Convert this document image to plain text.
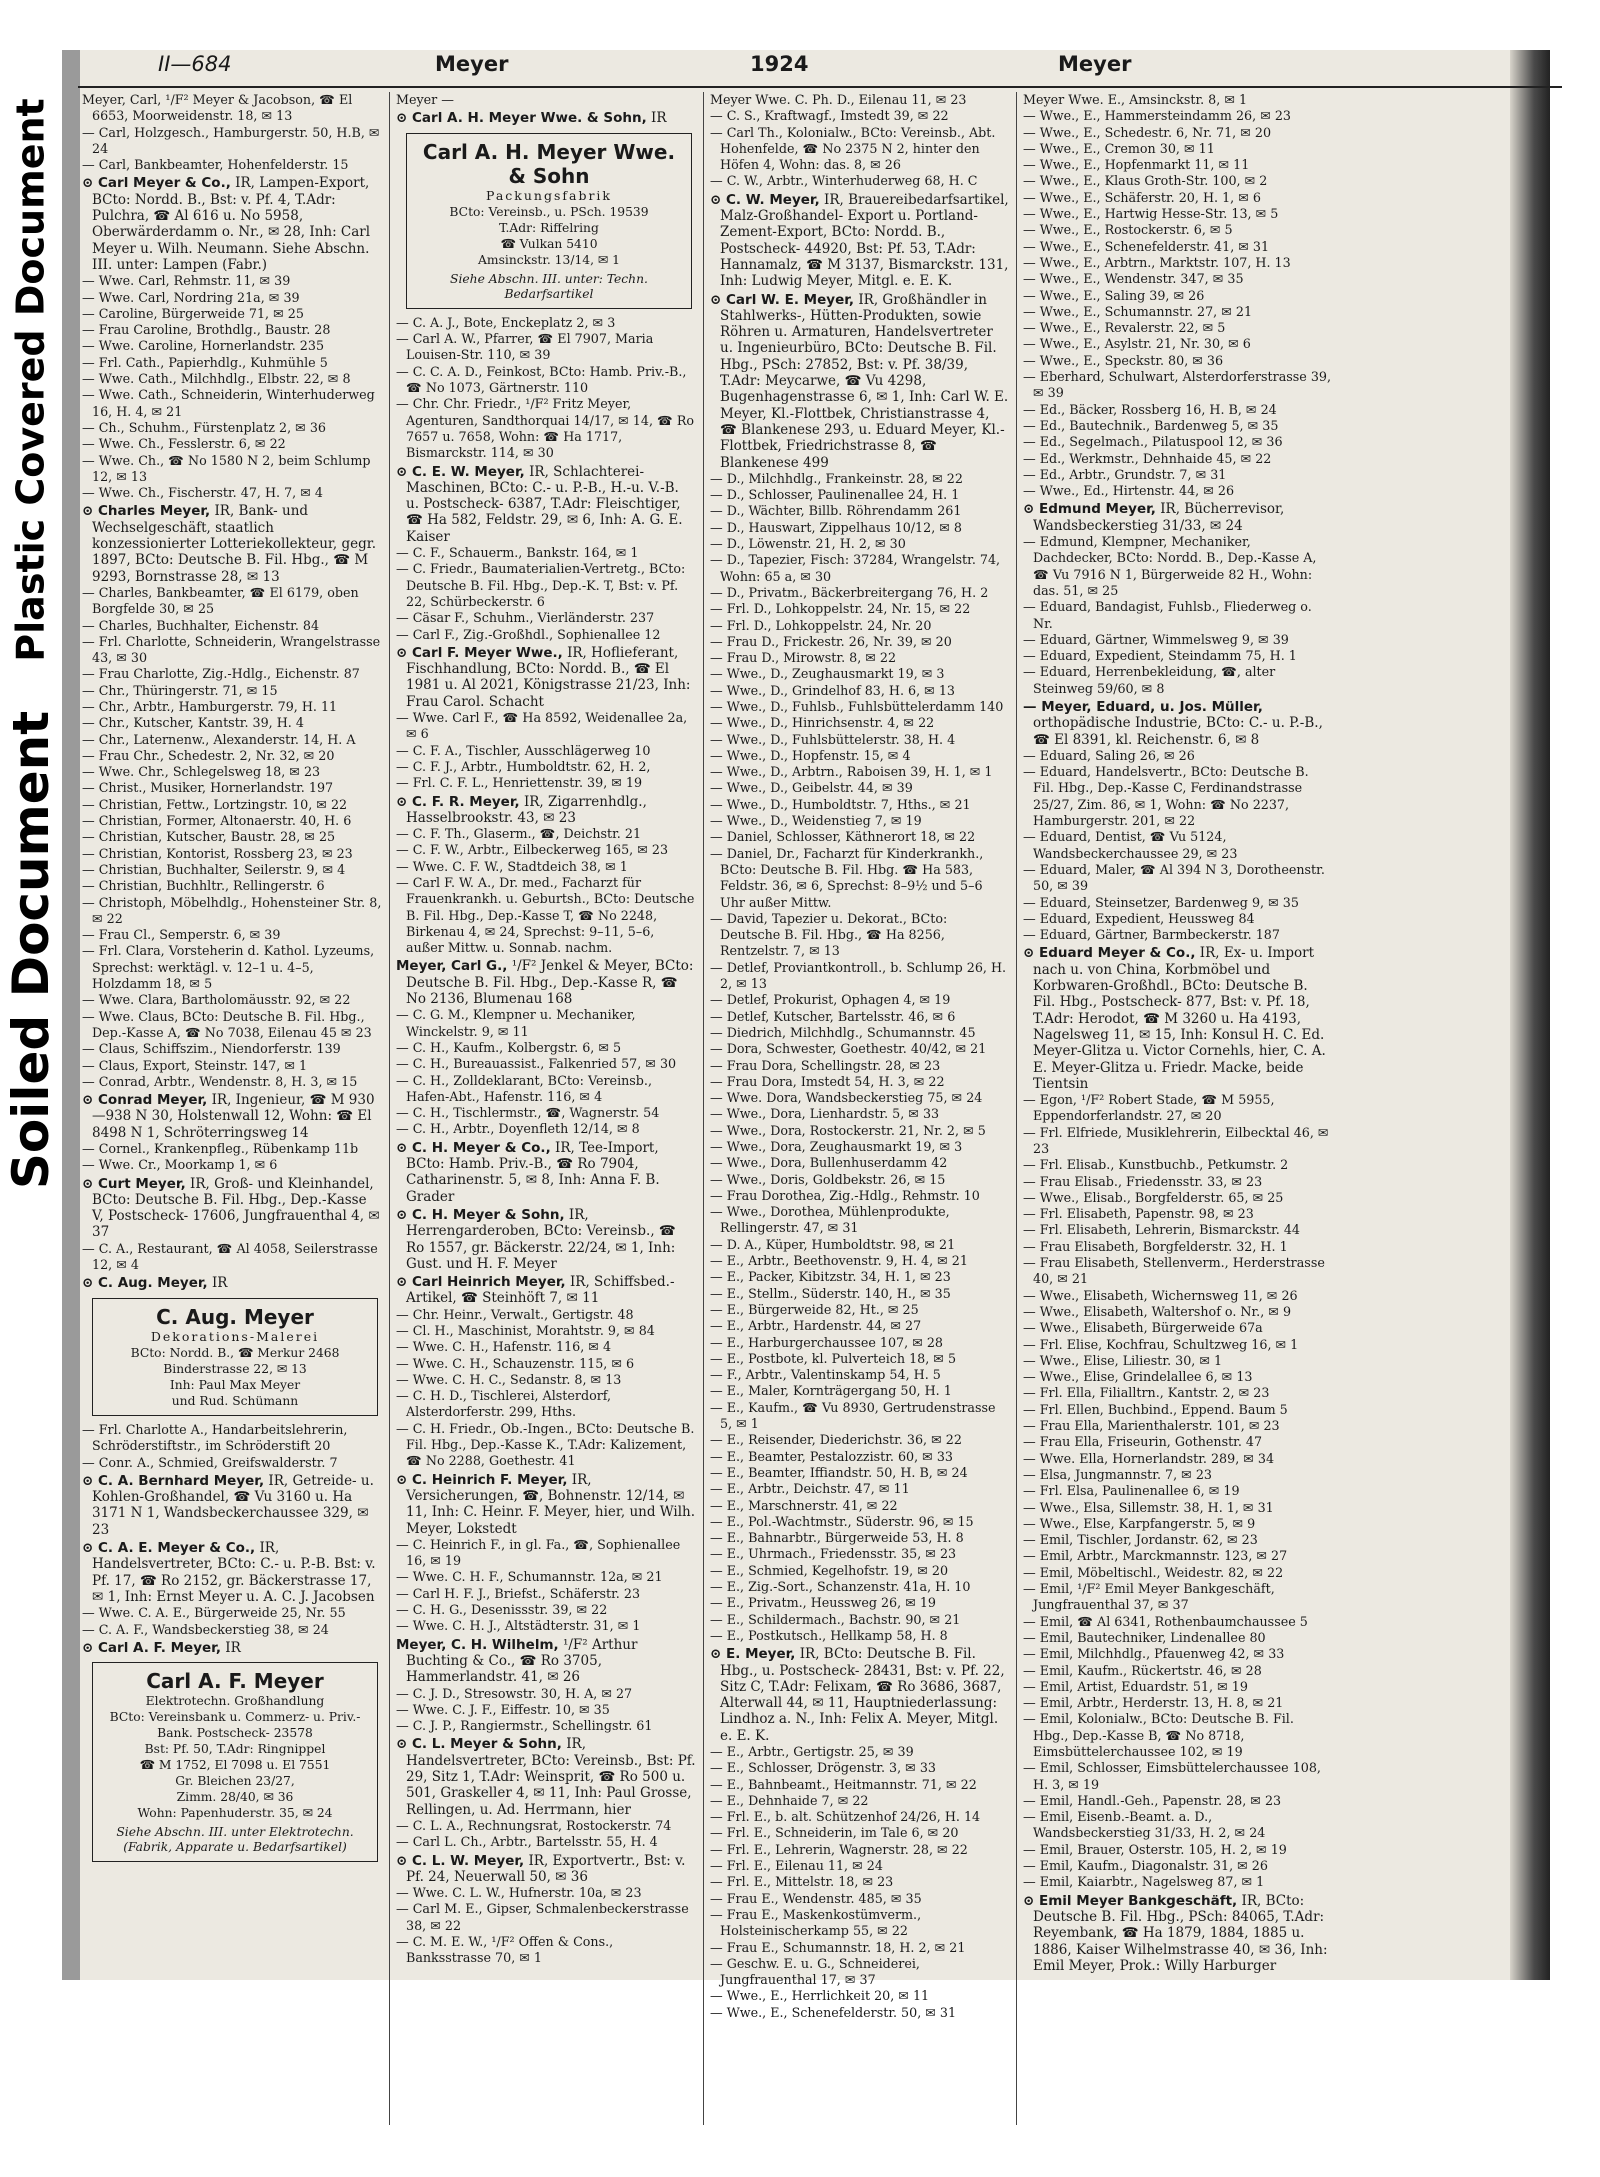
Plastic Covered Document
Soiled Document
II—684	Meyer	1924	Meyer

Meyer, Carl, ¹/F² Meyer & Jacobson, ☎ El 6653, Moorweidenstr. 18, ✉ 13

— Carl, Holzgesch., Hamburgerstr. 50, H.B, ✉ 24

— Carl, Bankbeamter, Hohenfelderstr. 15

⊙ Carl Meyer & Co., IR, Lampen-Export, BCto: Nordd. B., Bst: v. Pf. 4, T.Adr: Pulchra, ☎ Al 616 u. No 5958, Oberwärderdamm o. Nr., ✉ 28, Inh: Carl Meyer u. Wilh. Neumann. Siehe Abschn. III. unter: Lampen (Fabr.)

— Wwe. Carl, Rehmstr. 11, ✉ 39

— Wwe. Carl, Nordring 21a, ✉ 39

— Caroline, Bürgerweide 71, ✉ 25

— Frau Caroline, Brothdlg., Baustr. 28

— Wwe. Caroline, Hornerlandstr. 235

— Frl. Cath., Papierhdlg., Kuhmühle 5

— Wwe. Cath., Milchhdlg., Elbstr. 22, ✉ 8

— Wwe. Cath., Schneiderin, Winterhuderweg 16, H. 4, ✉ 21

— Ch., Schuhm., Fürstenplatz 2, ✉ 36

— Wwe. Ch., Fesslerstr. 6, ✉ 22

— Wwe. Ch., ☎ No 1580 N 2, beim Schlump 12, ✉ 13

— Wwe. Ch., Fischerstr. 47, H. 7, ✉ 4

⊙ Charles Meyer, IR, Bank- und Wechselgeschäft, staatlich konzessionierter Lotteriekollekteur, gegr. 1897, BCto: Deutsche B. Fil. Hbg., ☎ M 9293, Bornstrasse 28, ✉ 13

— Charles, Bankbeamter, ☎ El 6179, oben Borgfelde 30, ✉ 25

— Charles, Buchhalter, Eichenstr. 84

— Frl. Charlotte, Schneiderin, Wrangelstrasse 43, ✉ 30

— Frau Charlotte, Zig.-Hdlg., Eichenstr. 87

— Chr., Thüringerstr. 71, ✉ 15

— Chr., Arbtr., Hamburgerstr. 79, H. 11

— Chr., Kutscher, Kantstr. 39, H. 4

— Chr., Laternenw., Alexanderstr. 14, H. A

— Frau Chr., Schedestr. 2, Nr. 32, ✉ 20

— Wwe. Chr., Schlegelsweg 18, ✉ 23

— Christ., Musiker, Hornerlandstr. 197

— Christian, Fettw., Lortzingstr. 10, ✉ 22

— Christian, Former, Altonaerstr. 40, H. 6

— Christian, Kutscher, Baustr. 28, ✉ 25

— Christian, Kontorist, Rossberg 23, ✉ 23

— Christian, Buchhalter, Seilerstr. 9, ✉ 4

— Christian, Buchhltr., Rellingerstr. 6

— Christoph, Möbelhdlg., Hohensteiner Str. 8, ✉ 22

— Frau Cl., Semperstr. 6, ✉ 39

— Frl. Clara, Vorsteherin d. Kathol. Lyzeums, Sprechst: werktägl. v. 12–1 u. 4–5, Holzdamm 18, ✉ 5

— Wwe. Clara, Bartholomäusstr. 92, ✉ 22

— Wwe. Claus, BCto: Deutsche B. Fil. Hbg., Dep.-Kasse A, ☎ No 7038, Eilenau 45 ✉ 23

— Claus, Schiffszim., Niendorferstr. 139

— Claus, Export, Steinstr. 147, ✉ 1

— Conrad, Arbtr., Wendenstr. 8, H. 3, ✉ 15

⊙ Conrad Meyer, IR, Ingenieur, ☎ M 930—938 N 30, Holstenwall 12, Wohn: ☎ El 8498 N 1, Schröterringsweg 14

— Cornel., Krankenpfleg., Rübenkamp 11b

— Wwe. Cr., Moorkamp 1, ✉ 6

⊙ Curt Meyer, IR, Groß- und Kleinhandel, BCto: Deutsche B. Fil. Hbg., Dep.-Kasse V, Postscheck- 17606, Jungfrauenthal 4, ✉ 37

— C. A., Restaurant, ☎ Al 4058, Seilerstrasse 12, ✉ 4

⊙ C. Aug. Meyer, IR

C. Aug. Meyer
Dekorations-Malerei
BCto: Nordd. B., ☎ Merkur 2468
Binderstrasse 22, ✉ 13
Inh: Paul Max Meyer
und Rud. Schümann

— Frl. Charlotte A., Handarbeitslehrerin, Schröderstiftstr., im Schröderstift 20

— Conr. A., Schmied, Greifswalderstr. 7

⊙ C. A. Bernhard Meyer, IR, Getreide- u. Kohlen-Großhandel, ☎ Vu 3160 u. Ha 3171 N 1, Wandsbeckerchaussee 329, ✉ 23

⊙ C. A. E. Meyer & Co., IR, Handelsvertreter, BCto: C.- u. P.-B. Bst: v. Pf. 17, ☎ Ro 2152, gr. Bäckerstrasse 17, ✉ 1, Inh: Ernst Meyer u. A. C. J. Jacobsen

— Wwe. C. A. E., Bürgerweide 25, Nr. 55

— C. A. F., Wandsbeckerstieg 38, ✉ 24

⊙ Carl A. F. Meyer, IR

Carl A. F. Meyer
Elektrotechn. Großhandlung
BCto: Vereinsbank u. Commerz- u. Priv.-Bank. Postscheck- 23578
Bst: Pf. 50, T.Adr: Ringnippel
☎ M 1752, El 7098 u. El 7551
Gr. Bleichen 23/27,
Zimm. 28/40, ✉ 36
Wohn: Papenhuderstr. 35, ✉ 24
Siehe Abschn. III. unter Elektrotechn. (Fabrik, Apparate u. Bedarfsartikel)

Meyer —

⊙ Carl A. H. Meyer Wwe. & Sohn, IR

Carl A. H. Meyer Wwe. & Sohn
Packungsfabrik
BCto: Vereinsb., u. PSch. 19539
T.Adr: Riffelring
☎ Vulkan 5410
Amsinckstr. 13/14, ✉ 1
Siehe Abschn. III. unter: Techn. Bedarfsartikel

— C. A. J., Bote, Enckeplatz 2, ✉ 3

— Carl A. W., Pfarrer, ☎ El 7907, Maria Louisen-Str. 110, ✉ 39

— C. C. A. D., Feinkost, BCto: Hamb. Priv.-B., ☎ No 1073, Gärtnerstr. 110

— Chr. Chr. Friedr., ¹/F² Fritz Meyer, Agenturen, Sandthorquai 14/17, ✉ 14, ☎ Ro 7657 u. 7658, Wohn: ☎ Ha 1717, Bismarckstr. 114, ✉ 30

⊙ C. E. W. Meyer, IR, Schlachterei-Maschinen, BCto: C.- u. P.-B., H.-u. V.-B. u. Postscheck- 6387, T.Adr: Fleischtiger, ☎ Ha 582, Feldstr. 29, ✉ 6, Inh: A. G. E. Kaiser

— C. F., Schauerm., Bankstr. 164, ✉ 1

— C. Friedr., Baumaterialien-Vertretg., BCto: Deutsche B. Fil. Hbg., Dep.-K. T, Bst: v. Pf. 22, Schürbeckerstr. 6

— Cäsar F., Schuhm., Vierländerstr. 237

— Carl F., Zig.-Großhdl., Sophienallee 12

⊙ Carl F. Meyer Wwe., IR, Hoflieferant, Fischhandlung, BCto: Nordd. B., ☎ El 1981 u. Al 2021, Königstrasse 21/23, Inh: Frau Carol. Schacht

— Wwe. Carl F., ☎ Ha 8592, Weidenallee 2a, ✉ 6

— C. F. A., Tischler, Ausschlägerweg 10

— C. F. J., Arbtr., Humboldtstr. 62, H. 2,

— Frl. C. F. L., Henriettenstr. 39, ✉ 19

⊙ C. F. R. Meyer, IR, Zigarrenhdlg., Hasselbrookstr. 43, ✉ 23

— C. F. Th., Glaserm., ☎, Deichstr. 21

— C. F. W., Arbtr., Eilbeckerweg 165, ✉ 23

— Wwe. C. F. W., Stadtdeich 38, ✉ 1

— Carl F. W. A., Dr. med., Facharzt für Frauenkrankh. u. Geburtsh., BCto: Deutsche B. Fil. Hbg., Dep.-Kasse T, ☎ No 2248, Birkenau 4, ✉ 24, Sprechst: 9–11, 5–6, außer Mittw. u. Sonnab. nachm.

Meyer, Carl G., ¹/F² Jenkel & Meyer, BCto: Deutsche B. Fil. Hbg., Dep.-Kasse R, ☎ No 2136, Blumenau 168

— C. G. M., Klempner u. Mechaniker, Winckelstr. 9, ✉ 11

— C. H., Kaufm., Kolbergstr. 6, ✉ 5

— C. H., Bureauassist., Falkenried 57, ✉ 30

— C. H., Zolldeklarant, BCto: Vereinsb., Hafen-Abt., Hafenstr. 116, ✉ 4

— C. H., Tischlermstr., ☎, Wagnerstr. 54

— C. H., Arbtr., Doyenfleth 12/14, ✉ 8

⊙ C. H. Meyer & Co., IR, Tee-Import, BCto: Hamb. Priv.-B., ☎ Ro 7904, Catharinenstr. 5, ✉ 8, Inh: Anna F. B. Grader

⊙ C. H. Meyer & Sohn, IR, Herrengarderoben, BCto: Vereinsb., ☎ Ro 1557, gr. Bäckerstr. 22/24, ✉ 1, Inh: Gust. und H. F. Meyer

⊙ Carl Heinrich Meyer, IR, Schiffsbed.-Artikel, ☎ Steinhöft 7, ✉ 11

— Chr. Heinr., Verwalt., Gertigstr. 48

— Cl. H., Maschinist, Morahtstr. 9, ✉ 84

— Wwe. C. H., Hafenstr. 116, ✉ 4

— Wwe. C. H., Schauzenstr. 115, ✉ 6

— Wwe. C. H. C., Sedanstr. 8, ✉ 13

— C. H. D., Tischlerei, Alsterdorf, Alsterdorferstr. 299, Hths.

— C. H. Friedr., Ob.-Ingen., BCto: Deutsche B. Fil. Hbg., Dep.-Kasse K., T.Adr: Kalizement, ☎ No 2288, Goethestr. 41

⊙ C. Heinrich F. Meyer, IR, Versicherungen, ☎, Bohnenstr. 12/14, ✉ 11, Inh: C. Heinr. F. Meyer, hier, und Wilh. Meyer, Lokstedt

— C. Heinrich F., in gl. Fa., ☎, Sophienallee 16, ✉ 19

— Wwe. C. H. F., Schumannstr. 12a, ✉ 21

— Carl H. F. J., Briefst., Schäferstr. 23

— C. H. G., Desenissstr. 39, ✉ 22

— Wwe. C. H. J., Altstädterstr. 31, ✉ 1

Meyer, C. H. Wilhelm, ¹/F² Arthur Buchting & Co., ☎ Ro 3705, Hammerlandstr. 41, ✉ 26

— C. J. D., Stresowstr. 30, H. A, ✉ 27

— Wwe. C. J. F., Eiffestr. 10, ✉ 35

— C. J. P., Rangiermstr., Schellingstr. 61

⊙ C. L. Meyer & Sohn, IR, Handelsvertreter, BCto: Vereinsb., Bst: Pf. 29, Sitz 1, T.Adr: Weinsprit, ☎ Ro 500 u. 501, Graskeller 4, ✉ 11, Inh: Paul Grosse, Rellingen, u. Ad. Herrmann, hier

— C. L. A., Rechnungsrat, Rostockerstr. 74

— Carl L. Ch., Arbtr., Bartelsstr. 55, H. 4

⊙ C. L. W. Meyer, IR, Exportvertr., Bst: v. Pf. 24, Neuerwall 50, ✉ 36

— Wwe. C. L. W., Hufnerstr. 10a, ✉ 23

— Carl M. E., Gipser, Schmalenbeckerstrasse 38, ✉ 22

— C. M. E. W., ¹/F² Offen & Cons., Banksstrasse 70, ✉ 1

Meyer Wwe. C. Ph. D., Eilenau 11, ✉ 23

— C. S., Kraftwagf., Imstedt 39, ✉ 22

— Carl Th., Kolonialw., BCto: Vereinsb., Abt. Hohenfelde, ☎ No 2375 N 2, hinter den Höfen 4, Wohn: das. 8, ✉ 26

— C. W., Arbtr., Winterhuderweg 68, H. C

⊙ C. W. Meyer, IR, Brauereibedarfsartikel, Malz-Großhandel- Export u. Portland-Zement-Export, BCto: Nordd. B., Postscheck- 44920, Bst: Pf. 53, T.Adr: Hannamalz, ☎ M 3137, Bismarckstr. 131, Inh: Ludwig Meyer, Mitgl. e. E. K.

⊙ Carl W. E. Meyer, IR, Großhändler in Stahlwerks-, Hütten-Produkten, sowie Röhren u. Armaturen, Handelsvertreter u. Ingenieurbüro, BCto: Deutsche B. Fil. Hbg., PSch: 27852, Bst: v. Pf. 38/39, T.Adr: Meycarwe, ☎ Vu 4298, Bugenhagenstrasse 6, ✉ 1, Inh: Carl W. E. Meyer, Kl.-Flottbek, Christianstrasse 4, ☎ Blankenese 293, u. Eduard Meyer, Kl.-Flottbek, Friedrichstrasse 8, ☎ Blankenese 499

— D., Milchhdlg., Frankeinstr. 28, ✉ 22

— D., Schlosser, Paulinenallee 24, H. 1

— D., Wächter, Billb. Röhrendamm 261

— D., Hauswart, Zippelhaus 10/12, ✉ 8

— D., Löwenstr. 21, H. 2, ✉ 30

— D., Tapezier, Fisch: 37284, Wrangelstr. 74, Wohn: 65 a, ✉ 30

— D., Privatm., Bäckerbreitergang 76, H. 2

— Frl. D., Lohkoppelstr. 24, Nr. 15, ✉ 22

— Frl. D., Lohkoppelstr. 24, Nr. 20

— Frau D., Frickestr. 26, Nr. 39, ✉ 20

— Frau D., Mirowstr. 8, ✉ 22

— Wwe., D., Zeughausmarkt 19, ✉ 3

— Wwe., D., Grindelhof 83, H. 6, ✉ 13

— Wwe., D., Fuhlsb., Fuhlsbüttelerdamm 140

— Wwe., D., Hinrichsenstr. 4, ✉ 22

— Wwe., D., Fuhlsbüttelerstr. 38, H. 4

— Wwe., D., Hopfenstr. 15, ✉ 4

— Wwe., D., Arbtrn., Raboisen 39, H. 1, ✉ 1

— Wwe., D., Geibelstr. 44, ✉ 39

— Wwe., D., Humboldtstr. 7, Hths., ✉ 21

— Wwe., D., Weidenstieg 7, ✉ 19

— Daniel, Schlosser, Käthnerort 18, ✉ 22

— Daniel, Dr., Facharzt für Kinderkrankh., BCto: Deutsche B. Fil. Hbg. ☎ Ha 583, Feldstr. 36, ✉ 6, Sprechst: 8–9½ und 5–6 Uhr außer Mittw.

— David, Tapezier u. Dekorat., BCto: Deutsche B. Fil. Hbg., ☎ Ha 8256, Rentzelstr. 7, ✉ 13

— Detlef, Proviantkontroll., b. Schlump 26, H. 2, ✉ 13

— Detlef, Prokurist, Ophagen 4, ✉ 19

— Detlef, Kutscher, Bartelsstr. 46, ✉ 6

— Diedrich, Milchhdlg., Schumannstr. 45

— Dora, Schwester, Goethestr. 40/42, ✉ 21

— Frau Dora, Schellingstr. 28, ✉ 23

— Frau Dora, Imstedt 54, H. 3, ✉ 22

— Wwe. Dora, Wandsbeckerstieg 75, ✉ 24

— Wwe., Dora, Lienhardstr. 5, ✉ 33

— Wwe., Dora, Rostockerstr. 21, Nr. 2, ✉ 5

— Wwe., Dora, Zeughausmarkt 19, ✉ 3

— Wwe., Dora, Bullenhuserdamm 42

— Wwe., Doris, Goldbekstr. 26, ✉ 15

— Frau Dorothea, Zig.-Hdlg., Rehmstr. 10

— Wwe., Dorothea, Mühlenprodukte, Rellingerstr. 47, ✉ 31

— D. A., Küper, Humboldtstr. 98, ✉ 21

— E., Arbtr., Beethovenstr. 9, H. 4, ✉ 21

— E., Packer, Kibitzstr. 34, H. 1, ✉ 23

— E., Stellm., Süderstr. 140, H., ✉ 35

— E., Bürgerweide 82, Ht., ✉ 25

— E., Arbtr., Hardenstr. 44, ✉ 27

— E., Harburgerchaussee 107, ✉ 28

— E., Postbote, kl. Pulverteich 18, ✉ 5

— F., Arbtr., Valentinskamp 54, H. 5

— E., Maler, Kornträgergang 50, H. 1

— E., Kaufm., ☎ Vu 8930, Gertrudenstrasse 5, ✉ 1

— E., Reisender, Diederichstr. 36, ✉ 22

— E., Beamter, Pestalozzistr. 60, ✉ 33

— E., Beamter, Iffiandstr. 50, H. B, ✉ 24

— E., Arbtr., Deichstr. 47, ✉ 11

— E., Marschnerstr. 41, ✉ 22

— E., Pol.-Wachtmstr., Süderstr. 96, ✉ 15

— E., Bahnarbtr., Bürgerweide 53, H. 8

— E., Uhrmach., Friedensstr. 35, ✉ 23

— E., Schmied, Kegelhofstr. 19, ✉ 20

— E., Zig.-Sort., Schanzenstr. 41a, H. 10

— E., Privatm., Heussweg 26, ✉ 19

— E., Schildermach., Bachstr. 90, ✉ 21

— E., Postkutsch., Hellkamp 58, H. 8

⊙ E. Meyer, IR, BCto: Deutsche B. Fil. Hbg., u. Postscheck- 28431, Bst: v. Pf. 22, Sitz C, T.Adr: Felixam, ☎ Ro 3686, 3687, Alterwall 44, ✉ 11, Hauptniederlassung: Lindhoz a. N., Inh: Felix A. Meyer, Mitgl. e. E. K.

— E., Arbtr., Gertigstr. 25, ✉ 39

— E., Schlosser, Drögenstr. 3, ✉ 33

— E., Bahnbeamt., Heitmannstr. 71, ✉ 22

— E., Dehnhaide 7, ✉ 22

— Frl. E., b. alt. Schützenhof 24/26, H. 14

— Frl. E., Schneiderin, im Tale 6, ✉ 20

— Frl. E., Lehrerin, Wagnerstr. 28, ✉ 22

— Frl. E., Eilenau 11, ✉ 24

— Frl. E., Mittelstr. 18, ✉ 23

— Frau E., Wendenstr. 485, ✉ 35

— Frau E., Maskenkostümverm., Holsteinischerkamp 55, ✉ 22

— Frau E., Schumannstr. 18, H. 2, ✉ 21

— Geschw. E. u. G., Schneiderei, Jungfrauenthal 17, ✉ 37

— Wwe., E., Herrlichkeit 20, ✉ 11

— Wwe., E., Schenefelderstr. 50, ✉ 31

Meyer Wwe. E., Amsinckstr. 8, ✉ 1

— Wwe., E., Hammersteindamm 26, ✉ 23

— Wwe., E., Schedestr. 6, Nr. 71, ✉ 20

— Wwe., E., Cremon 30, ✉ 11

— Wwe., E., Hopfenmarkt 11, ✉ 11

— Wwe., E., Klaus Groth-Str. 100, ✉ 2

— Wwe., E., Schäferstr. 20, H. 1, ✉ 6

— Wwe., E., Hartwig Hesse-Str. 13, ✉ 5

— Wwe., E., Rostockerstr. 6, ✉ 5

— Wwe., E., Schenefelderstr. 41, ✉ 31

— Wwe., E., Arbtrn., Marktstr. 107, H. 13

— Wwe., E., Wendenstr. 347, ✉ 35

— Wwe., E., Saling 39, ✉ 26

— Wwe., E., Schumannstr. 27, ✉ 21

— Wwe., E., Revalerstr. 22, ✉ 5

— Wwe., E., Asylstr. 21, Nr. 30, ✉ 6

— Wwe., E., Speckstr. 80, ✉ 36

— Eberhard, Schulwart, Alsterdorferstrasse 39, ✉ 39

— Ed., Bäcker, Rossberg 16, H. B, ✉ 24

— Ed., Bautechnik., Bardenweg 5, ✉ 35

— Ed., Segelmach., Pilatuspool 12, ✉ 36

— Ed., Werkmstr., Dehnhaide 45, ✉ 22

— Ed., Arbtr., Grundstr. 7, ✉ 31

— Wwe., Ed., Hirtenstr. 44, ✉ 26

⊙ Edmund Meyer, IR, Bücherrevisor, Wandsbeckerstieg 31/33, ✉ 24

— Edmund, Klempner, Mechaniker, Dachdecker, BCto: Nordd. B., Dep.-Kasse A, ☎ Vu 7916 N 1, Bürgerweide 82 H., Wohn: das. 51, ✉ 25

— Eduard, Bandagist, Fuhlsb., Fliederweg o. Nr.

— Eduard, Gärtner, Wimmelsweg 9, ✉ 39

— Eduard, Expedient, Steindamm 75, H. 1

— Eduard, Herrenbekleidung, ☎, alter Steinweg 59/60, ✉ 8

— Meyer, Eduard, u. Jos. Müller, orthopädische Industrie, BCto: C.- u. P.-B., ☎ El 8391, kl. Reichenstr. 6, ✉ 8

— Eduard, Saling 26, ✉ 26

— Eduard, Handelsvertr., BCto: Deutsche B. Fil. Hbg., Dep.-Kasse C, Ferdinandstrasse 25/27, Zim. 86, ✉ 1, Wohn: ☎ No 2237, Hamburgerstr. 201, ✉ 22

— Eduard, Dentist, ☎ Vu 5124, Wandsbeckerchaussee 29, ✉ 23

— Eduard, Maler, ☎ Al 394 N 3, Dorotheenstr. 50, ✉ 39

— Eduard, Steinsetzer, Bardenweg 9, ✉ 35

— Eduard, Expedient, Heussweg 84

— Eduard, Gärtner, Barmbeckerstr. 187

⊙ Eduard Meyer & Co., IR, Ex- u. Import nach u. von China, Korbmöbel und Korbwaren-Großhdl., BCto: Deutsche B. Fil. Hbg., Postscheck- 877, Bst: v. Pf. 18, T.Adr: Herodot, ☎ M 3260 u. Ha 4193, Nagelsweg 11, ✉ 15, Inh: Konsul H. C. Ed. Meyer-Glitza u. Victor Cornehls, hier, C. A. E. Meyer-Glitza u. Friedr. Macke, beide Tientsin

— Egon, ¹/F² Robert Stade, ☎ M 5955, Eppendorferlandstr. 27, ✉ 20

— Frl. Elfriede, Musiklehrerin, Eilbecktal 46, ✉ 23

— Frl. Elisab., Kunstbuchb., Petkumstr. 2

— Frau Elisab., Friedensstr. 33, ✉ 23

— Wwe., Elisab., Borgfelderstr. 65, ✉ 25

— Frl. Elisabeth, Papenstr. 98, ✉ 23

— Frl. Elisabeth, Lehrerin, Bismarckstr. 44

— Frau Elisabeth, Borgfelderstr. 32, H. 1

— Frau Elisabeth, Stellenverm., Herderstrasse 40, ✉ 21

— Wwe., Elisabeth, Wichernsweg 11, ✉ 26

— Wwe., Elisabeth, Waltershof o. Nr., ✉ 9

— Wwe., Elisabeth, Bürgerweide 67a

— Frl. Elise, Kochfrau, Schultzweg 16, ✉ 1

— Wwe., Elise, Liliestr. 30, ✉ 1

— Wwe., Elise, Grindelallee 6, ✉ 13

— Frl. Ella, Filialltrn., Kantstr. 2, ✉ 23

— Frl. Ellen, Buchbind., Eppend. Baum 5

— Frau Ella, Marienthalerstr. 101, ✉ 23

— Frau Ella, Friseurin, Gothenstr. 47

— Wwe. Ella, Hornerlandstr. 289, ✉ 34

— Elsa, Jungmannstr. 7, ✉ 23

— Frl. Elsa, Paulinenallee 6, ✉ 19

— Wwe., Elsa, Sillemstr. 38, H. 1, ✉ 31

— Wwe., Else, Karpfangerstr. 5, ✉ 9

— Emil, Tischler, Jordanstr. 62, ✉ 23

— Emil, Arbtr., Marckmannstr. 123, ✉ 27

— Emil, Möbeltischl., Weidestr. 82, ✉ 22

— Emil, ¹/F² Emil Meyer Bankgeschäft, Jungfrauenthal 37, ✉ 37

— Emil, ☎ Al 6341, Rothenbaumchaussee 5

— Emil, Bautechniker, Lindenallee 80

— Emil, Milchhdlg., Pfauenweg 42, ✉ 33

— Emil, Kaufm., Rückertstr. 46, ✉ 28

— Emil, Artist, Eduardstr. 51, ✉ 19

— Emil, Arbtr., Herderstr. 13, H. 8, ✉ 21

— Emil, Kolonialw., BCto: Deutsche B. Fil. Hbg., Dep.-Kasse B, ☎ No 8718, Eimsbüttelerchaussee 102, ✉ 19

— Emil, Schlosser, Eimsbüttelerchaussee 108, H. 3, ✉ 19

— Emil, Handl.-Geh., Papenstr. 28, ✉ 23

— Emil, Eisenb.-Beamt. a. D., Wandsbeckerstieg 31/33, H. 2, ✉ 24

— Emil, Brauer, Osterstr. 105, H. 2, ✉ 19

— Emil, Kaufm., Diagonalstr. 31, ✉ 26

— Emil, Kaiarbtr., Nagelsweg 87, ✉ 1

⊙ Emil Meyer Bankgeschäft, IR, BCto: Deutsche B. Fil. Hbg., PSch: 84065, T.Adr: Reyembank, ☎ Ha 1879, 1884, 1885 u. 1886, Kaiser Wilhelmstrasse 40, ✉ 36, Inh: Emil Meyer, Prok.: Willy Harburger
